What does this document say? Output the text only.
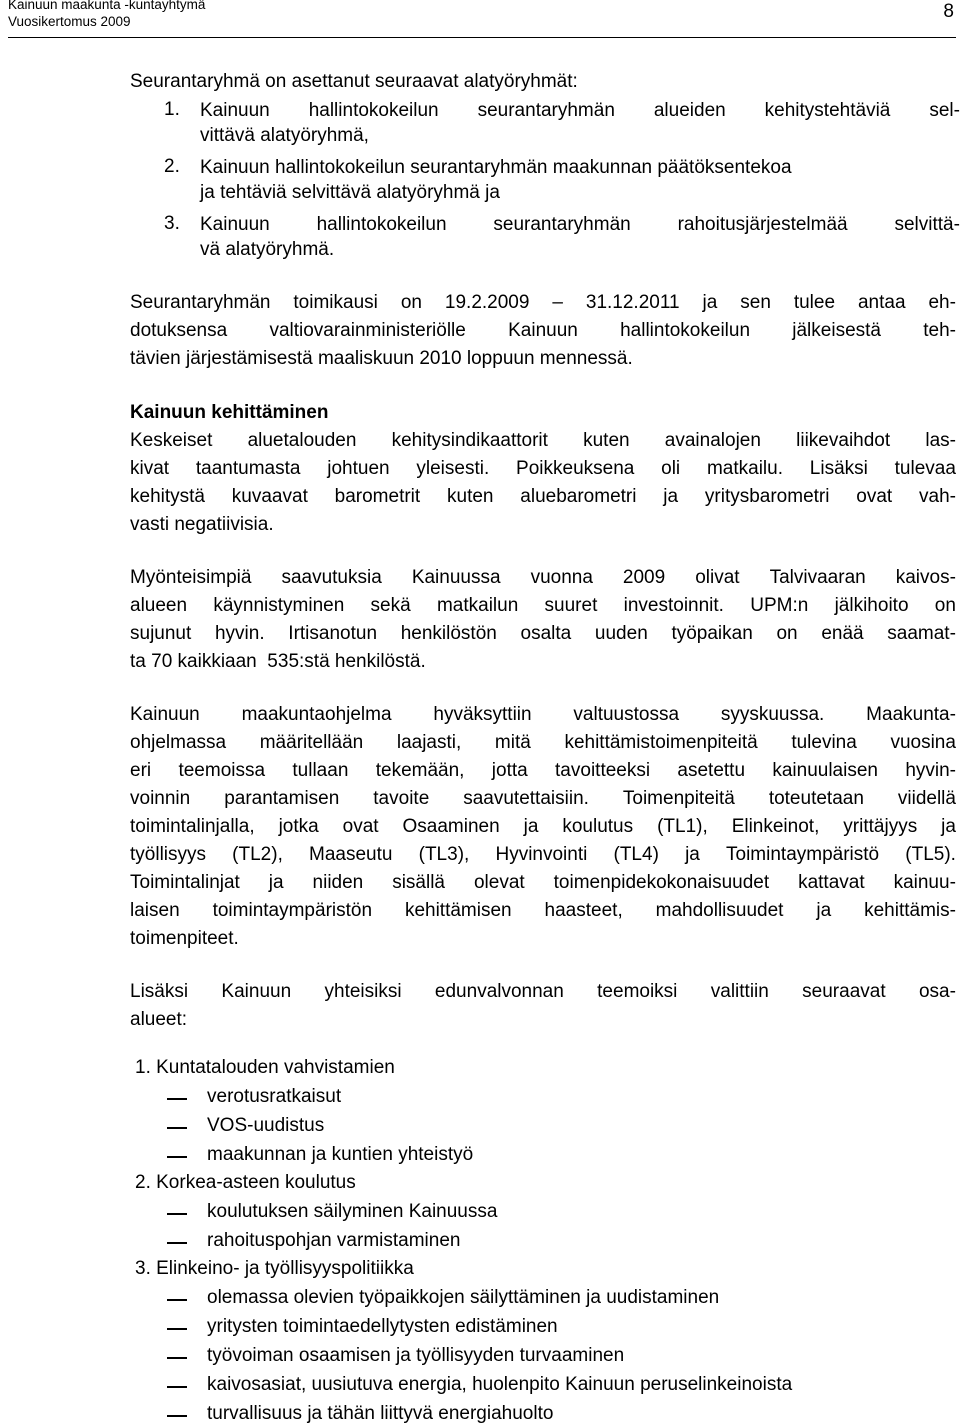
Kainuun maakunta -kuntayhtymä
Vuosikertomus 2009	8
Seurantaryhmä on asettanut seuraavat alatyöryhmät:
1. Kainuun hallintokokeilun seurantaryhmän alueiden kehitystehtäviä sel-
vittävä alatyöryhmä,
2. Kainuun hallintokokeilun seurantaryhmän maakunnan päätöksentekoa
ja tehtäviä selvittävä alatyöryhmä ja
3. Kainuun hallintokokeilun seurantaryhmän rahoitusjärjestelmää selvittä-
vä alatyöryhmä.
Seurantaryhmän toimikausi on 19.2.2009 – 31.12.2011 ja sen tulee antaa eh-
dotuksensa valtiovarainministeriölle Kainuun hallintokokeilun jälkeisestä teh-
tävien järjestämisestä maaliskuun 2010 loppuun mennessä.
Kainuun kehittäminen
Keskeiset aluetalouden kehitysindikaattorit kuten avainalojen liikevaihdot las-
kivat taantumasta johtuen yleisesti. Poikkeuksena oli matkailu. Lisäksi tulevaa
kehitystä kuvaavat barometrit kuten aluebarometri ja yritysbarometri ovat vah-
vasti negatiivisia.
Myönteisimpiä saavutuksia Kainuussa vuonna 2009 olivat Talvivaaran kaivos-
alueen käynnistyminen sekä matkailun suuret investoinnit. UPM:n jälkihoito on
sujunut hyvin. Irtisanotun henkilöstön osalta uuden työpaikan on enää saamat-
ta 70 kaikkiaan  535:stä henkilöstä.
Kainuun maakuntaohjelma hyväksyttiin valtuustossa syyskuussa. Maakunta-
ohjelmassa määritellään laajasti, mitä kehittämistoimenpiteitä tulevina vuosina
eri teemoissa tullaan tekemään, jotta tavoitteeksi asetettu kainuulaisen hyvin-
voinnin parantamisen tavoite saavutettaisiin. Toimenpiteitä toteutetaan viidellä
toimintalinjalla, jotka ovat Osaaminen ja koulutus (TL1), Elinkeinot, yrittäjyys ja
työllisyys (TL2), Maaseutu (TL3), Hyvinvointi (TL4) ja Toimintaympäristö (TL5).
Toimintalinjat ja niiden sisällä olevat toimenpidekokonaisuudet kattavat kainuu-
laisen toimintaympäristön kehittämisen haasteet, mahdollisuudet ja kehittämis-
toimenpiteet.
Lisäksi Kainuun yhteisiksi edunvalvonnan teemoiksi valittiin seuraavat osa-
alueet:
1. Kuntatalouden vahvistamien
verotusratkaisut
VOS-uudistus
maakunnan ja kuntien yhteistyö
2. Korkea-asteen koulutus
koulutuksen säilyminen Kainuussa
rahoituspohjan varmistaminen
3. Elinkeino- ja työllisyyspolitiikka
olemassa olevien työpaikkojen säilyttäminen ja uudistaminen
yritysten toimintaedellytysten edistäminen
työvoiman osaamisen ja työllisyyden turvaaminen
kaivosasiat, uusiutuva energia, huolenpito Kainuun peruselinkeinoista
turvallisuus ja tähän liittyvä energiahuolto
